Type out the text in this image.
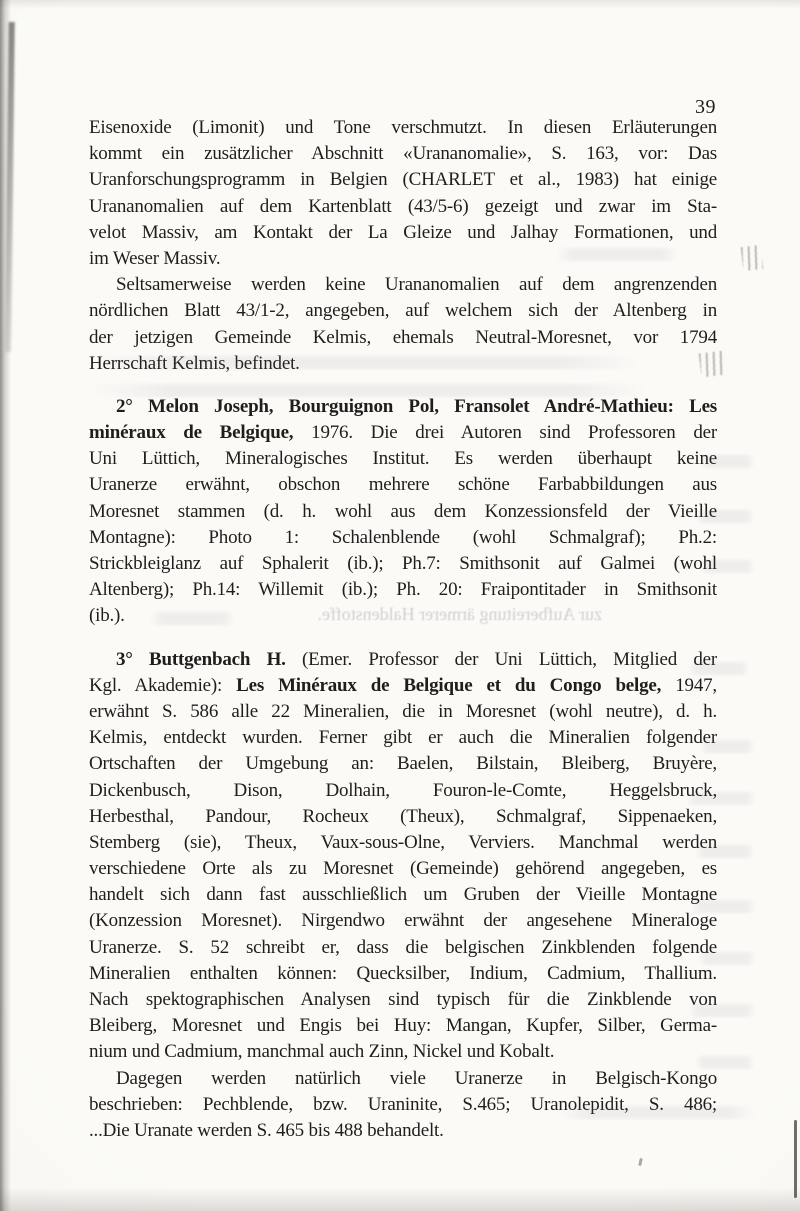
39
Eisenoxide (Limonit) und Tone verschmutzt. In diesen Erläuterungen
kommt ein zusätzlicher Abschnitt «Urananomalie», S. 163, vor: Das
Uranforschungsprogramm in Belgien (CHARLET et al., 1983) hat einige
Urananomalien auf dem Kartenblatt (43/5-6) gezeigt und zwar im Sta-
velot Massiv, am Kontakt der La Gleize und Jalhay Formationen, und
im Weser Massiv.
Seltsamerweise werden keine Urananomalien auf dem angrenzenden
nördlichen Blatt 43/1-2, angegeben, auf welchem sich der Altenberg in
der jetzigen Gemeinde Kelmis, ehemals Neutral-Moresnet, vor 1794
Herrschaft Kelmis, befindet.
2° Melon Joseph, Bourguignon Pol, Fransolet André-Mathieu: Les
minéraux de Belgique, 1976. Die drei Autoren sind Professoren der
Uni Lüttich, Mineralogisches Institut. Es werden überhaupt keine
Uranerze erwähnt, obschon mehrere schöne Farbabbildungen aus
Moresnet stammen (d. h. wohl aus dem Konzessionsfeld der Vieille
Montagne): Photo 1: Schalenblende (wohl Schmalgraf); Ph.2:
Strickbleiglanz auf Sphalerit (ib.); Ph.7: Smithsonit auf Galmei (wohl
Altenberg); Ph.14: Willemit (ib.); Ph. 20: Fraipontitader in Smithsonit
(ib.).
3° Buttgenbach H. (Emer. Professor der Uni Lüttich, Mitglied der
Kgl. Akademie): Les Minéraux de Belgique et du Congo belge, 1947,
erwähnt S. 586 alle 22 Mineralien, die in Moresnet (wohl neutre), d. h.
Kelmis, entdeckt wurden. Ferner gibt er auch die Mineralien folgender
Ortschaften der Umgebung an: Baelen, Bilstain, Bleiberg, Bruyère,
Dickenbusch, Dison, Dolhain, Fouron-le-Comte, Heggelsbruck,
Herbesthal, Pandour, Rocheux (Theux), Schmalgraf, Sippenaeken,
Stemberg (sie), Theux, Vaux-sous-Olne, Verviers. Manchmal werden
verschiedene Orte als zu Moresnet (Gemeinde) gehörend angegeben, es
handelt sich dann fast ausschließlich um Gruben der Vieille Montagne
(Konzession Moresnet). Nirgendwo erwähnt der angesehene Mineraloge
Uranerze. S. 52 schreibt er, dass die belgischen Zinkblenden folgende
Mineralien enthalten können: Quecksilber, Indium, Cadmium, Thallium.
Nach spektographischen Analysen sind typisch für die Zinkblende von
Bleiberg, Moresnet und Engis bei Huy: Mangan, Kupfer, Silber, Germa-
nium und Cadmium, manchmal auch Zinn, Nickel und Kobalt.
Dagegen werden natürlich viele Uranerze in Belgisch-Kongo
beschrieben: Pechblende, bzw. Uraninite, S.465; Uranolepidit, S. 486;
...Die Uranate werden S. 465 bis 488 behandelt.
zur Aufbereitung ärmerer Haldenstoffe.
